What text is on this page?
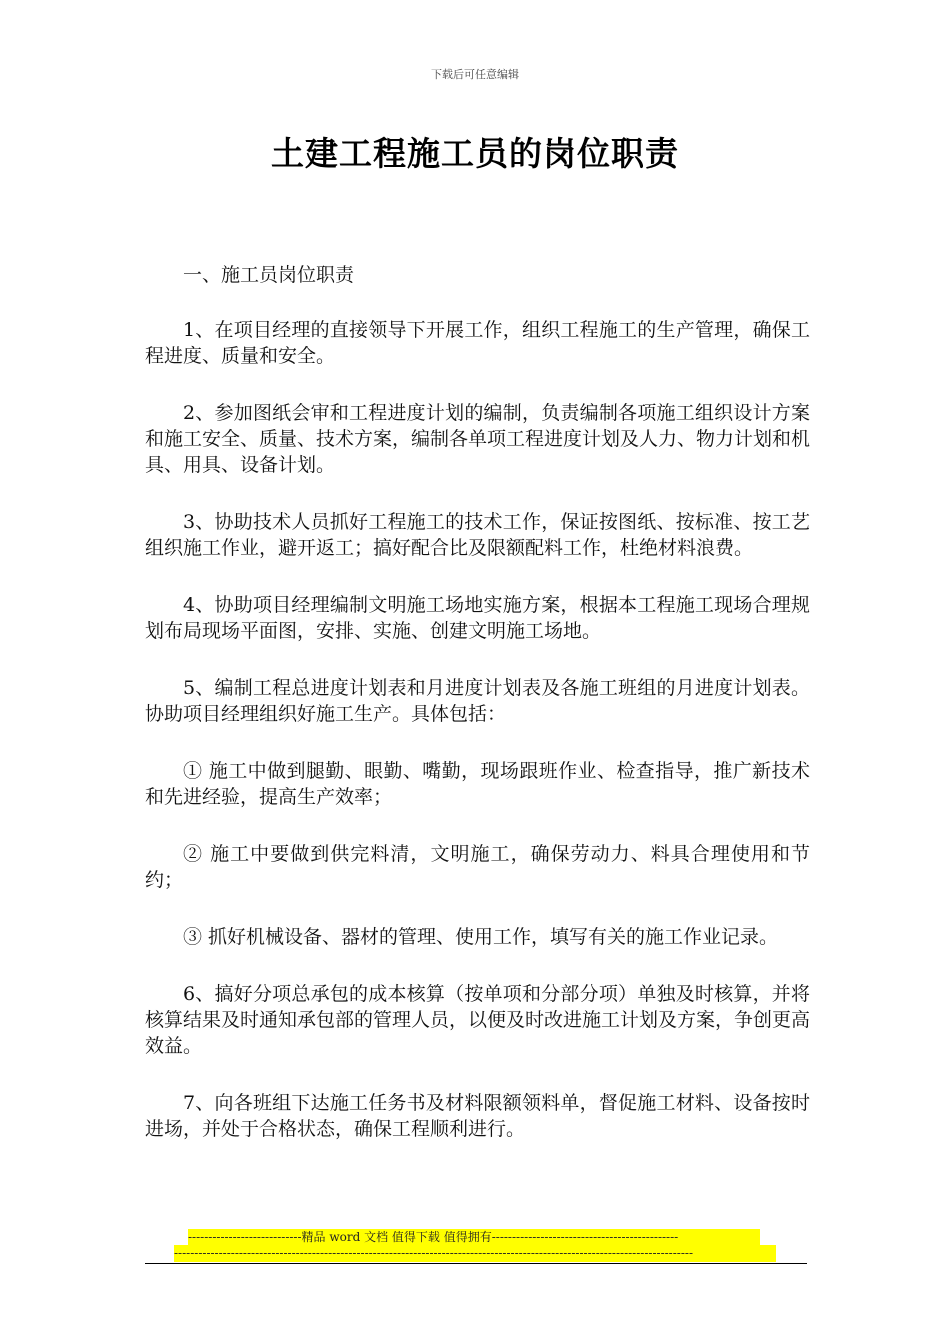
下载后可任意编辑
土建工程施工员的岗位职责

一、施工员岗位职责

1、在项目经理的直接领导下开展工作，组织工程施工的生产管理，确保工程进度、质量和安全。

2、参加图纸会审和工程进度计划的编制，负责编制各项施工组织设计方案和施工安全、质量、技术方案，编制各单项工程进度计划及人力、物力计划和机具、用具、设备计划。

3、协助技术人员抓好工程施工的技术工作，保证按图纸、按标准、按工艺组织施工作业，避开返工；搞好配合比及限额配料工作，杜绝材料浪费。

4、协助项目经理编制文明施工场地实施方案，根据本工程施工现场合理规划布局现场平面图，安排、实施、创建文明施工场地。

5、编制工程总进度计划表和月进度计划表及各施工班组的月进度计划表。协助项目经理组织好施工生产。具体包括：

① 施工中做到腿勤、眼勤、嘴勤，现场跟班作业、检查指导，推广新技术和先进经验，提高生产效率；

② 施工中要做到供完料清，文明施工，确保劳动力、料具合理使用和节约；

③ 抓好机械设备、器材的管理、使用工作，填写有关的施工作业记录。

6、搞好分项总承包的成本核算（按单项和分部分项）单独及时核算，并将核算结果及时通知承包部的管理人员，以便及时改进施工计划及方案，争创更高效益。

7、向各班组下达施工任务书及材料限额领料单，督促施工材料、设备按时进场，并处于合格状态，确保工程顺利进行。

----------------------------精品 word 文档 值得下载 值得拥有----------------------------------------------
--------------------------------------------------------------------------------------------------------------------------------
